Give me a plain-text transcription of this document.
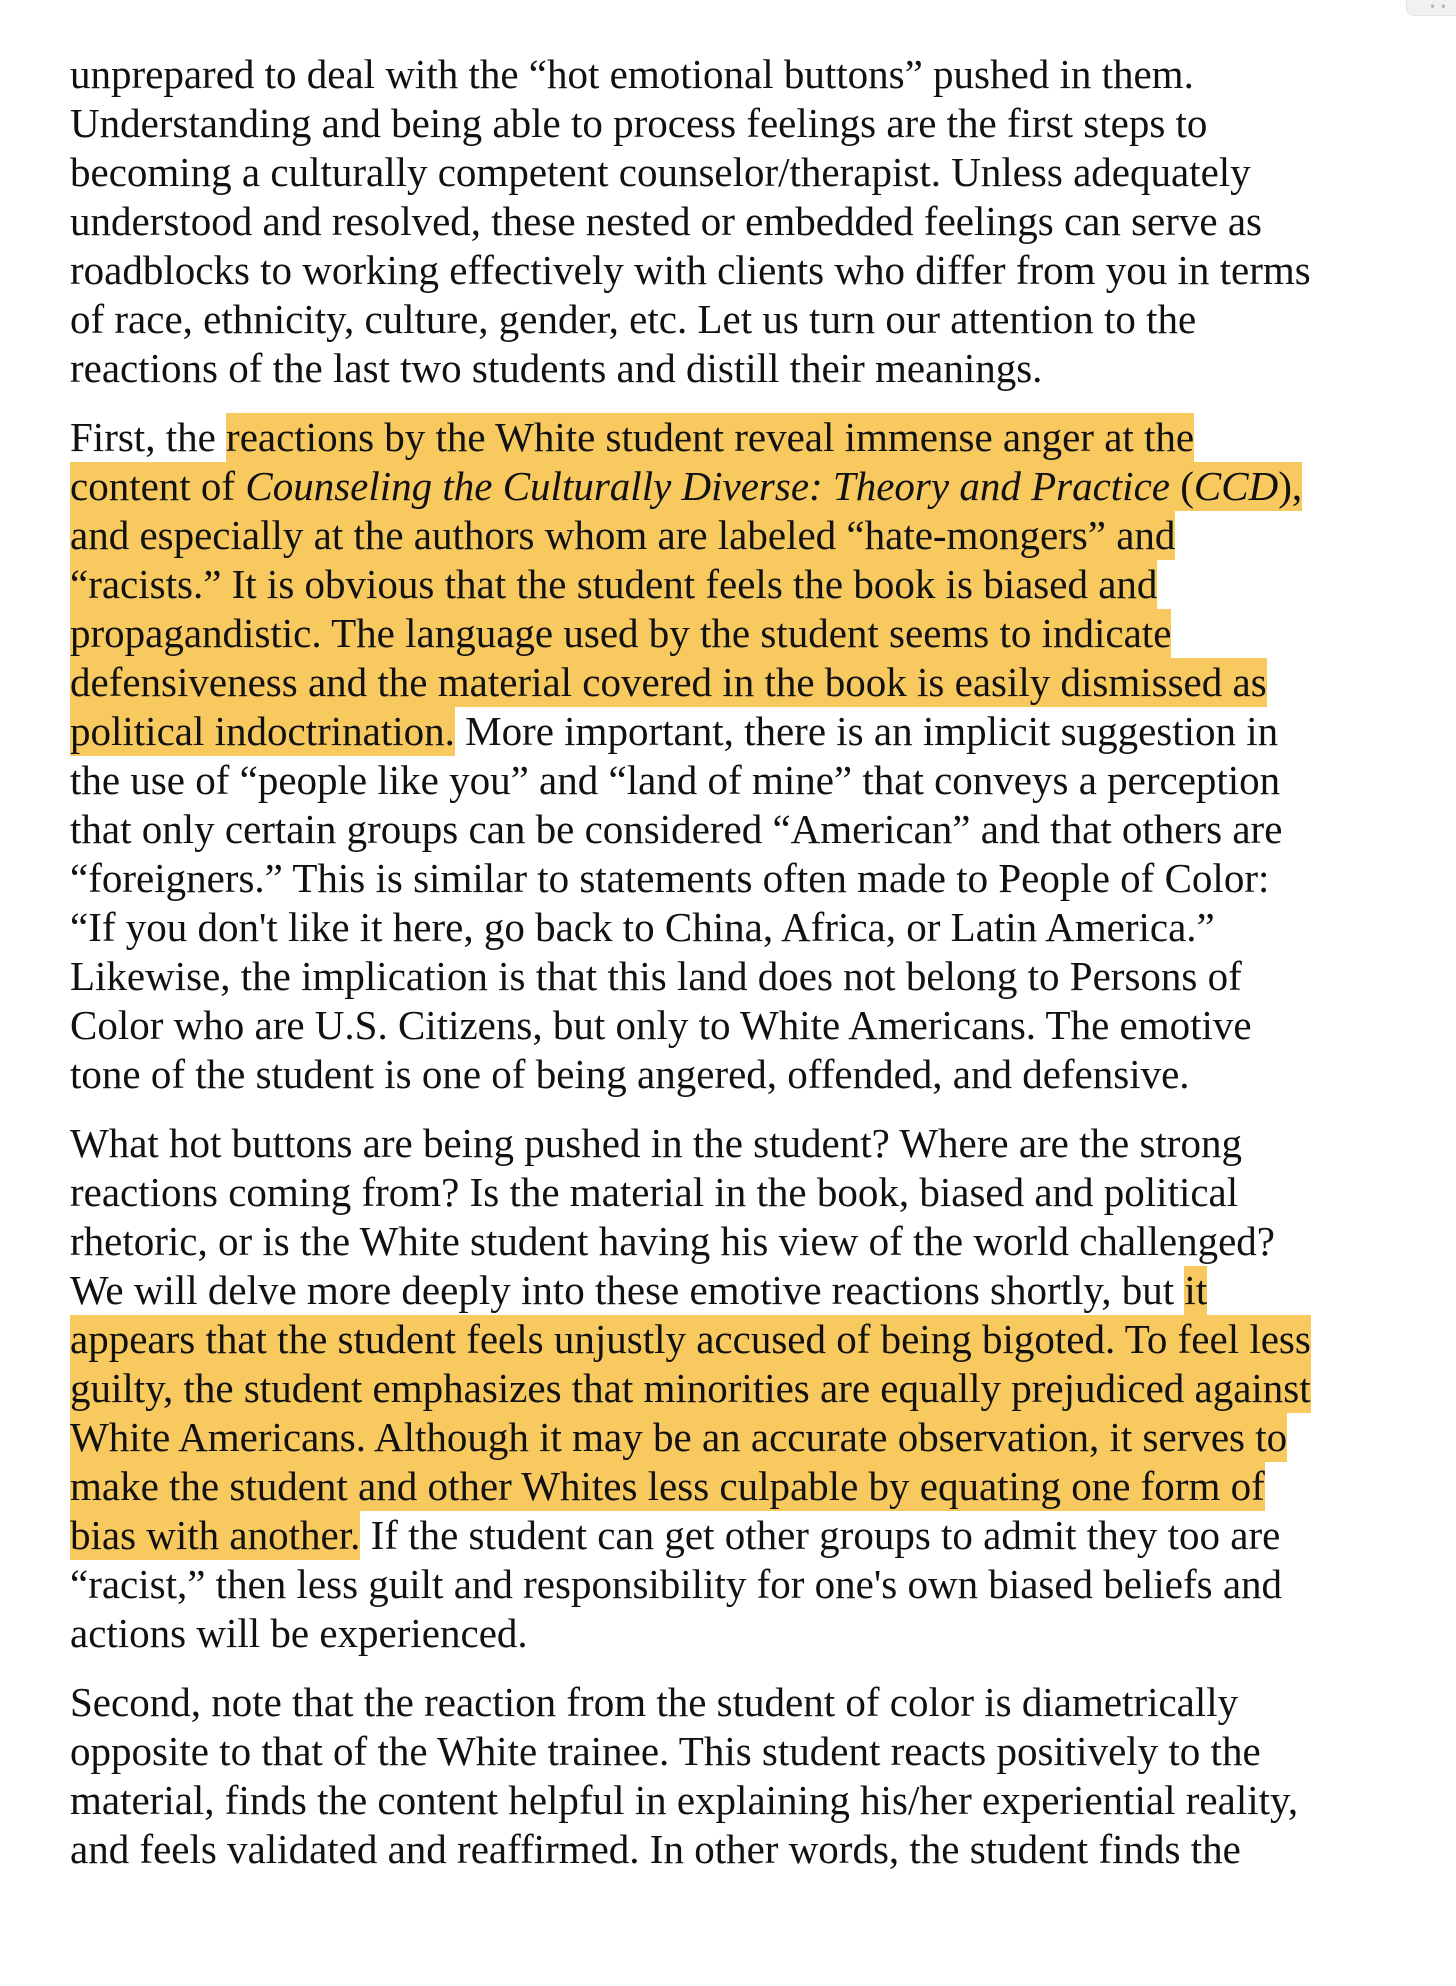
• •
unprepared to deal with the “hot emotional buttons” pushed in them.
Understanding and being able to process feelings are the first steps to
becoming a culturally competent counselor/therapist. Unless adequately
understood and resolved, these nested or embedded feelings can serve as
roadblocks to working effectively with clients who differ from you in terms
of race, ethnicity, culture, gender, etc. Let us turn our attention to the
reactions of the last two students and distill their meanings.
First, the reactions by the White student reveal immense anger at the
content of Counseling the Culturally Diverse: Theory and Practice (CCD),
and especially at the authors whom are labeled “hate-mongers” and
“racists.” It is obvious that the student feels the book is biased and
propagandistic. The language used by the student seems to indicate
defensiveness and the material covered in the book is easily dismissed as
political indoctrination. More important, there is an implicit suggestion in
the use of “people like you” and “land of mine” that conveys a perception
that only certain groups can be considered “American” and that others are
“foreigners.” This is similar to statements often made to People of Color:
“If you don't like it here, go back to China, Africa, or Latin America.”
Likewise, the implication is that this land does not belong to Persons of
Color who are U.S. Citizens, but only to White Americans. The emotive
tone of the student is one of being angered, offended, and defensive.
What hot buttons are being pushed in the student? Where are the strong
reactions coming from? Is the material in the book, biased and political
rhetoric, or is the White student having his view of the world challenged?
We will delve more deeply into these emotive reactions shortly, but it
appears that the student feels unjustly accused of being bigoted. To feel less
guilty, the student emphasizes that minorities are equally prejudiced against
White Americans. Although it may be an accurate observation, it serves to
make the student and other Whites less culpable by equating one form of
bias with another. If the student can get other groups to admit they too are
“racist,” then less guilt and responsibility for one's own biased beliefs and
actions will be experienced.
Second, note that the reaction from the student of color is diametrically
opposite to that of the White trainee. This student reacts positively to the
material, finds the content helpful in explaining his/her experiential reality,
and feels validated and reaffirmed. In other words, the student finds the
